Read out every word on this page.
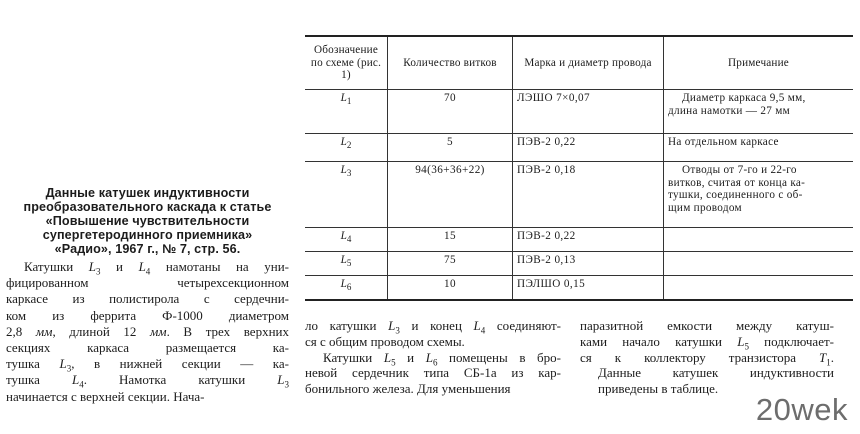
Данные катушек индуктивности
преобразовательного каскада к статье
«Повышение чувствительности
супергетеродинного приемника»
«Радио», 1967 г., № 7, стр. 56.
Катушки $L_3$ и $L_4$ намотаны на уни-
фицированном четырехсекционном
каркасе из полистирола с сердечни-
ком из феррита Ф-1000 диаметром
2,8 мм, длиной 12 мм. В трех верхних
секциях каркаса размещается ка-
тушка $L_3$, в нижней секции — ка-
тушка $L_4$. Намотка катушки $L_3$
начинается с верхней секции. Нача-
Обозначение по схеме (рис. 1)	Количество витков	Марка и диаметр провода	Примечание
$L_1$	70	ЛЭШО 7×0,07	Диаметр каркаса 9,5 мм,
длина намотки — 27 мм

$L_2$	5	ПЭВ-2 0,22	На отдельном каркасе

$L_3$	94(36+36+22)	ПЭВ-2 0,18	Отводы от 7-го и 22-го
витков, считая от конца ка-
тушки, соединенного с об-
щим проводом

$L_4$	15	ПЭВ-2 0,22	
$L_5$	75	ПЭВ-2 0,13	
$L_6$	10	ПЭЛШО 0,15	
ло катушки $L_3$ и конец $L_4$ соединяют-
ся с общим проводом схемы.
Катушки $L_5$ и $L_6$ помещены в бро-
невой сердечник типа СБ-1а из кар-
бонильного железа. Для уменьшения
паразитной емкости между катуш-
ками начало катушки $L_5$ подключает-
ся к коллектору транзистора $T_1$.
Данные катушек индуктивности
приведены в таблице.
20wek
